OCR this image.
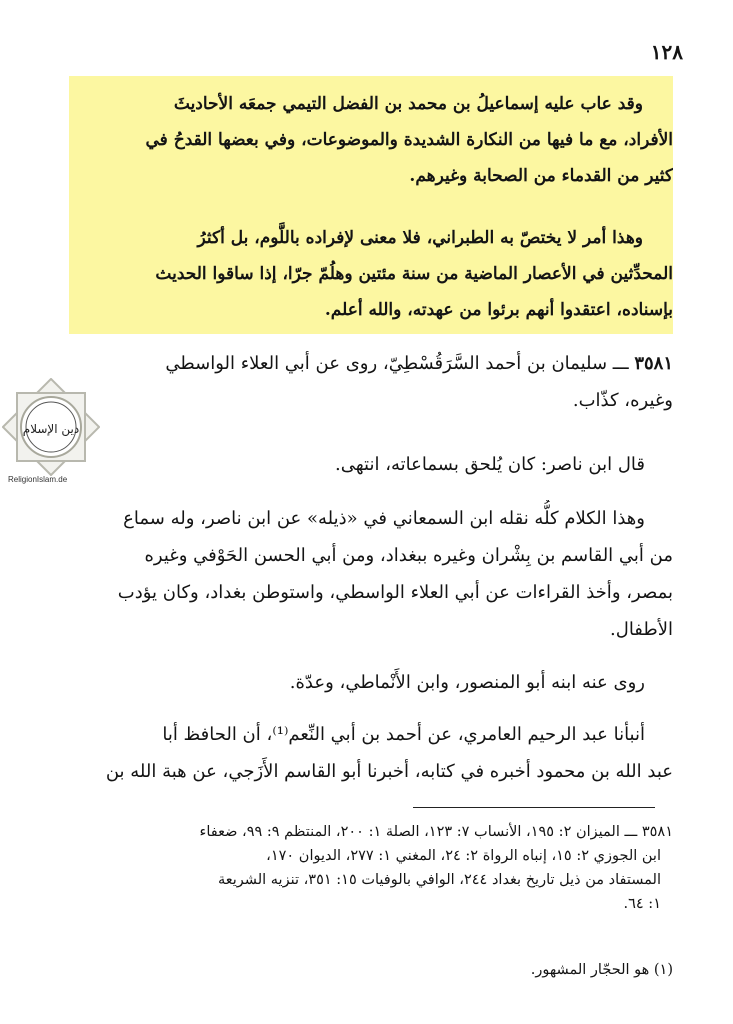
١٢٨
وقد عاب عليه إسماعيلُ بن محمد بن الفضل التيمي جمعَه الأحاديثَ
الأفراد، مع ما فيها من النكارة الشديدة والموضوعات، وفي بعضها القدحُ في
كثير من القدماء من الصحابة وغيرهم.
وهذا أمر لا يختصّ به الطبراني، فلا معنى لإفراده باللَّوم، بل أكثرُ
المحدِّثين في الأعصار الماضية من سنة مئتين وهلُمّ جرّا، إذا ساقوا الحديث
بإسناده، اعتقدوا أنهم برئوا من عهدته، والله أعلم.
٣٥٨١ ـــ سليمان بن أحمد السَّرَقُسْطِيّ، روى عن أبي العلاء الواسطي
وغيره، كذّاب.
قال ابن ناصر: كان يُلحق بسماعاته، انتهى.
وهذا الكلام كلُّه نقله ابن السمعاني في «ذيله» عن ابن ناصر، وله سماع
من أبي القاسم بن بِشْران وغيره ببغداد، ومن أبي الحسن الحَوْفي وغيره
بمصر، وأخذ القراءات عن أبي العلاء الواسطي، واستوطن بغداد، وكان يؤدب
الأطفال.
روى عنه ابنه أبو المنصور، وابن الأَنْماطي، وعدّة.
أنبأنا عبد الرحيم العامري، عن أحمد بن أبي النِّعم⁽¹⁾، أن الحافظ أبا
عبد الله بن محمود أخبره في كتابه، أخبرنا أبو القاسم الأَزَجي، عن هبة الله بن
٣٥٨١ ـــ الميزان ٢: ١٩٥، الأنساب ٧: ١٢٣، الصلة ١: ٢٠٠، المنتظم ٩: ٩٩، ضعفاء
ابن الجوزي ٢: ١٥، إنباه الرواة ٢: ٢٤، المغني ١: ٢٧٧، الديوان ١٧٠،
المستفاد من ذيل تاريخ بغداد ٢٤٤، الوافي بالوفيات ١٥: ٣٥١، تنزيه الشريعة
١: ٦٤.
(١) هو الحجّار المشهور.
دين الإسلام
ReligionIslam.de
